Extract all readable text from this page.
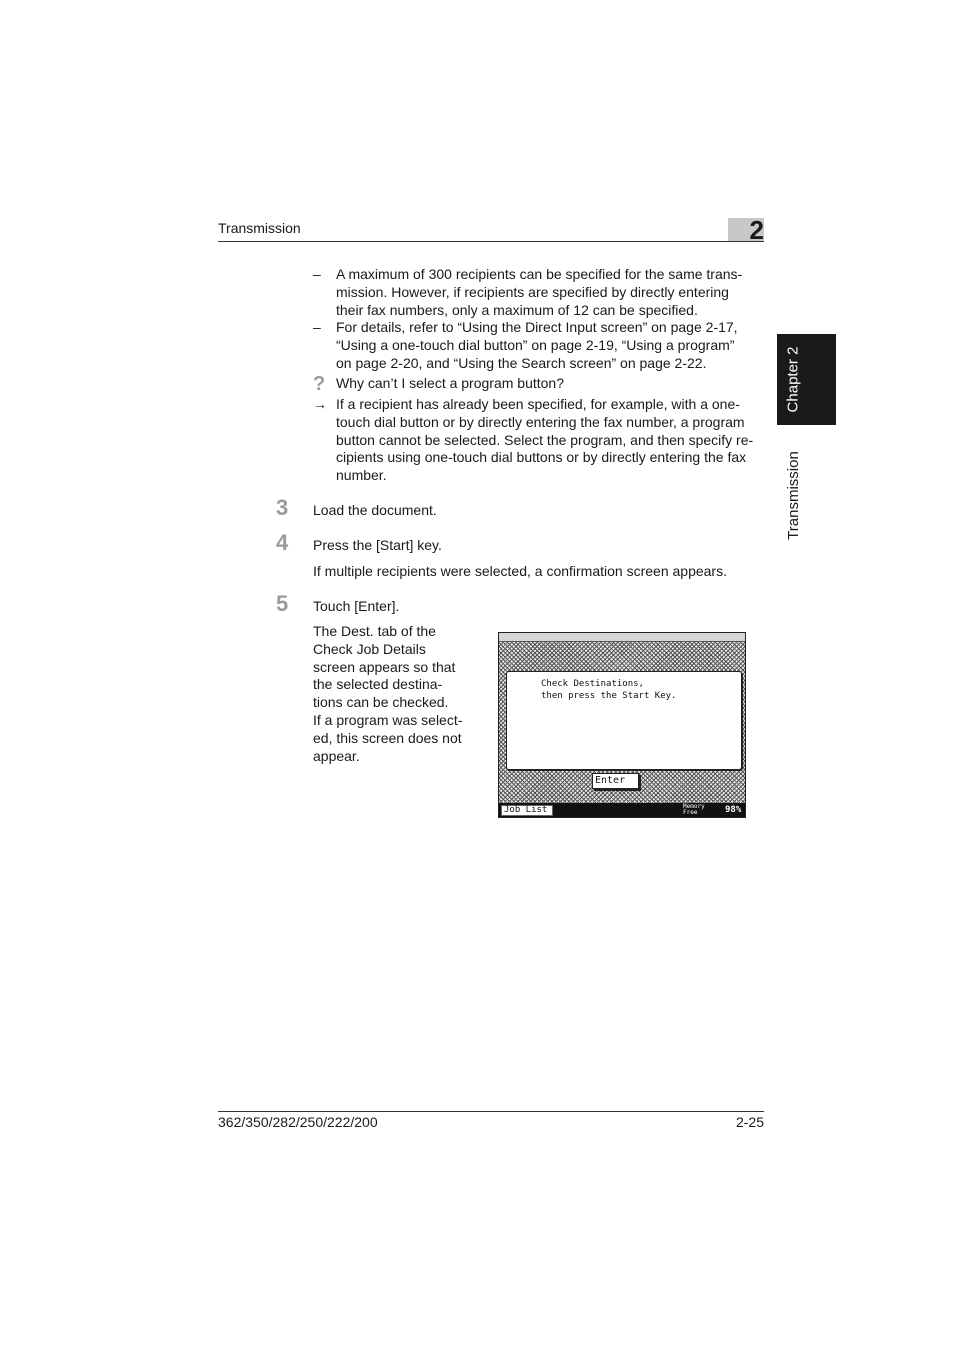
Transmission	2
Chapter 2
Transmission
–	A maximum of 300 recipients can be specified for the same trans-
mission. However, if recipients are specified by directly entering
their fax numbers, only a maximum of 12 can be specified.
–	For details, refer to “Using the Direct Input screen” on page 2-17,
“Using a one-touch dial button” on page 2-19, “Using a program”
on page 2-20, and “Using the Search screen” on page 2-22.
? Why can’t I select a program button?
→ If a recipient has already been specified, for example, with a one-
touch dial button or by directly entering the fax number, a program
button cannot be selected. Select the program, and then specify re-
cipients using one-touch dial buttons or by directly entering the fax
number.
3 Load the document.
4 Press the [Start] key.
If multiple recipients were selected, a confirmation screen appears.
5 Touch [Enter].
The Dest. tab of the
Check Job Details
screen appears so that
the selected destina-
tions can be checked.
If a program was select-
ed, this screen does not
appear.
Check Destinations,
then press the Start Key.
Enter
Job List	Memory
Free	98%
362/350/282/250/222/200	2-25
